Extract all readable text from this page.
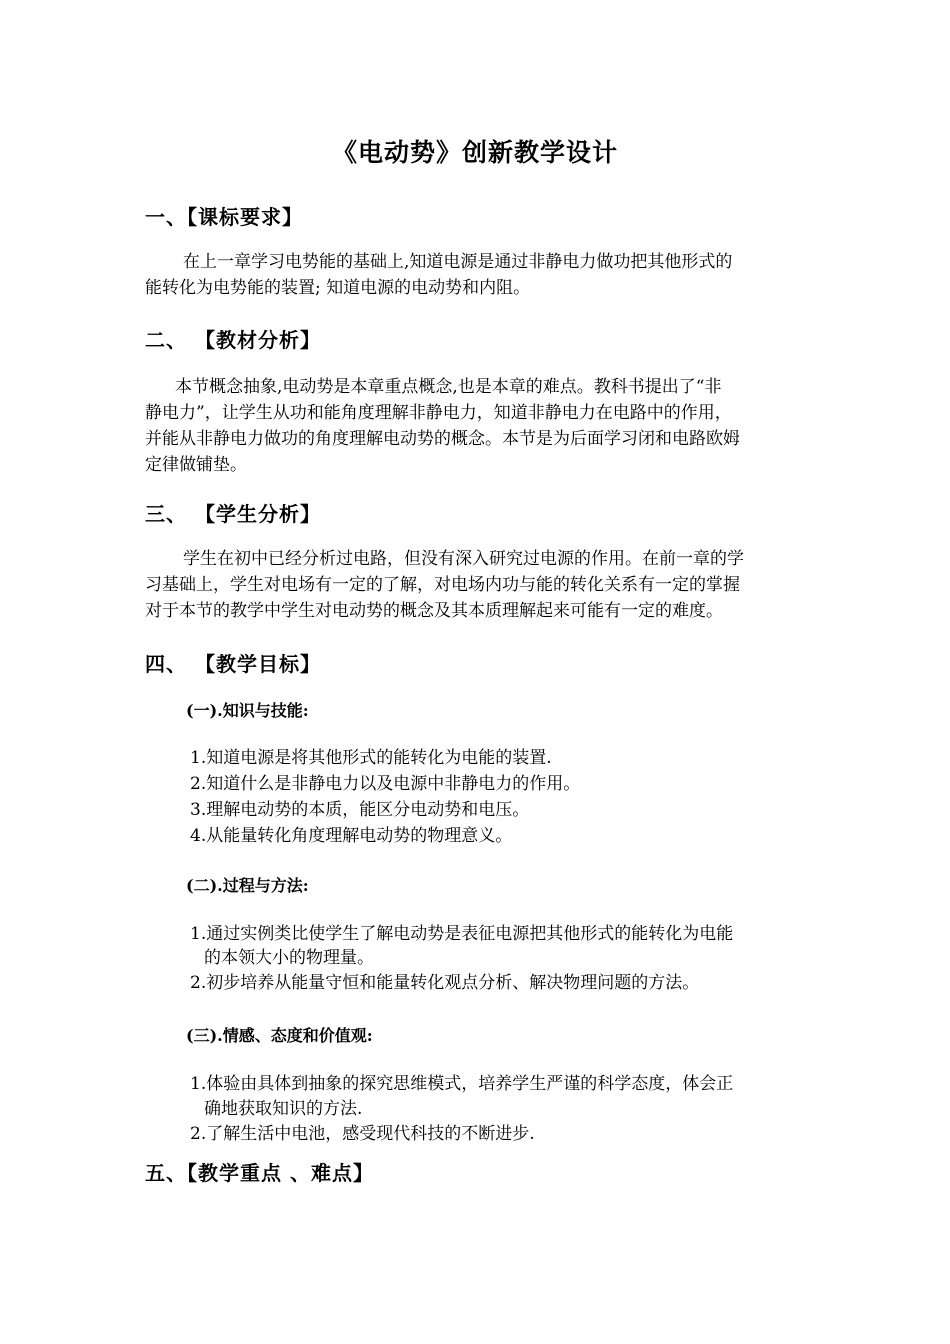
《电动势》创新教学设计
一、【课标要求】
在上一章学习电势能的基础上,知道电源是通过非静电力做功把其他形式的
能转化为电势能的装置; 知道电源的电动势和内阻。
二、 【教材分析】
本节概念抽象,电动势是本章重点概念,也是本章的难点。教科书提出了“非
静电力”，让学生从功和能角度理解非静电力，知道非静电力在电路中的作用，
并能从非静电力做功的角度理解电动势的概念。本节是为后面学习闭和电路欧姆
定律做铺垫。
三、 【学生分析】
学生在初中已经分析过电路，但没有深入研究过电源的作用。在前一章的学
习基础上，学生对电场有一定的了解，对电场内功与能的转化关系有一定的掌握
对于本节的教学中学生对电动势的概念及其本质理解起来可能有一定的难度。
四、 【教学目标】
(一).知识与技能:
1.知道电源是将其他形式的能转化为电能的装置.
2.知道什么是非静电力以及电源中非静电力的作用。
3.理解电动势的本质，能区分电动势和电压。
4.从能量转化角度理解电动势的物理意义。
(二).过程与方法:
1.通过实例类比使学生了解电动势是表征电源把其他形式的能转化为电能
的本领大小的物理量。
2.初步培养从能量守恒和能量转化观点分析、解决物理问题的方法。
(三).情感、态度和价值观:
1.体验由具体到抽象的探究思维模式，培养学生严谨的科学态度，体会正
确地获取知识的方法.
2.了解生活中电池，感受现代科技的不断进步.
五、【教学重点 、难点】
